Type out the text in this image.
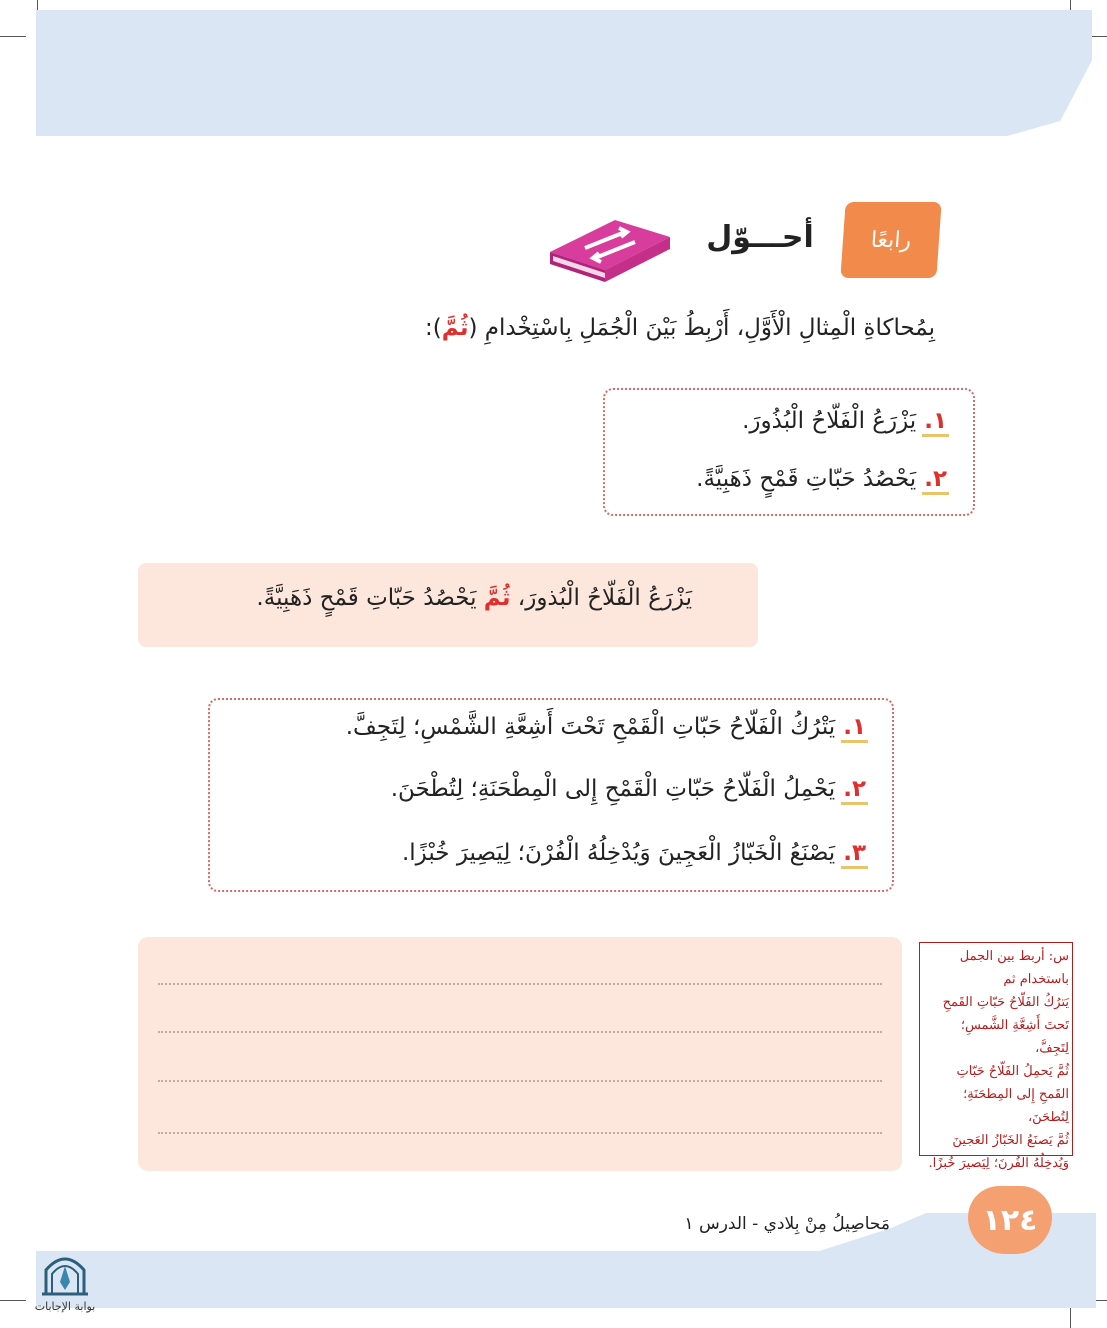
رابعًا
أحـــوّل
بِمُحاكاةِ الْمِثالِ الْأَوَّلِ، أَرْبِطُ بَيْنَ الْجُمَلِ بِاسْتِخْدامِ (ثُمَّ):
١.يَزْرَعُ الْفَلّاحُ الْبُذُورَ.
٢.يَحْصُدُ حَبّاتِ قَمْحٍ ذَهَبِيَّةً.
يَزْرَعُ الْفَلّاحُ الْبُذورَ، ثُمَّ يَحْصُدُ حَبّاتِ قَمْحٍ ذَهَبِيَّةً.
١.يَتْرُكُ الْفَلّاحُ حَبّاتِ الْقَمْحِ تَحْتَ أَشِعَّةِ الشَّمْسِ؛ لِتَجِفَّ.
٢.يَحْمِلُ الْفَلّاحُ حَبّاتِ الْقَمْحِ إِلى الْمِطْحَنَةِ؛ لِتُطْحَنَ.
٣.يَصْنَعُ الْخَبّازُ الْعَجِينَ وَيُدْخِلُهُ الْفُرْنَ؛ لِيَصِيرَ خُبْزًا.
س: أربط بين الجمل
باستخدام ثم
يَترُكُ الفَلّاحُ حَبّاتِ القَمحِ
تَحتَ أَشِعَّةِ الشَّمسِ؛ لِتَجِفَّ،
ثُمَّ يَحمِلُ الفَلّاحُ حَبّاتِ
القَمحِ إِلى المِطحَنَةِ؛
لِتُطحَنَ،
ثُمَّ يَصنَعُ الخَبّازُ العَجينَ
وَيُدخِلُهُ الفُرنَ؛ لِيَصيرَ خُبزًا.
مَحاصِيلُ مِنْ بِلادي - الدرس ١	١٢٤
بوابة الإجابات
